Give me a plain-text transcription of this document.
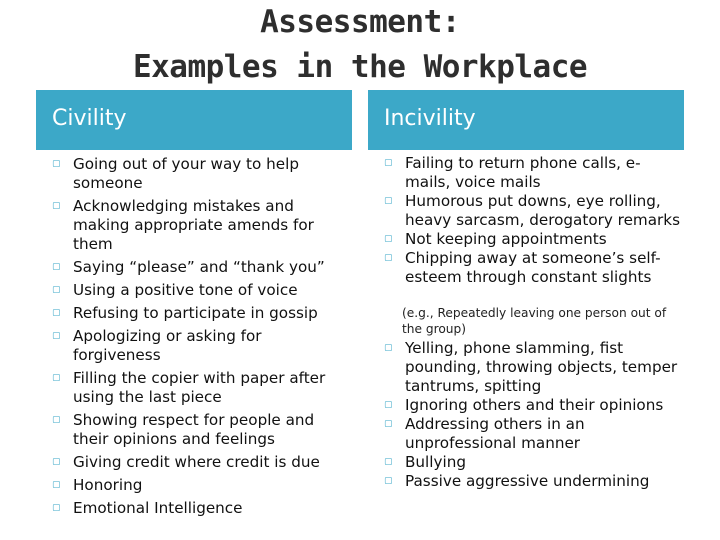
Assessment:
Examples in the Workplace
Civility	Incivility
▢ Going out of your way to help someone
▢ Acknowledging mistakes and making appropriate amends for them
▢ Saying “please” and “thank you”
▢ Using a positive tone of voice
▢ Refusing to participate in gossip
▢ Apologizing or asking for forgiveness
▢ Filling the copier with paper after using the last piece
▢ Showing respect for people and their opinions and feelings
▢ Giving credit where credit is due
▢ Honoring
▢ Emotional Intelligence
▢ Failing to return phone calls, e-mails, voice mails
▢ Humorous put downs, eye rolling, heavy sarcasm, derogatory remarks
▢ Not keeping appointments
▢ Chipping away at someone’s self-esteem through constant slights
▢ Yelling, phone slamming, fist pounding, throwing objects, temper tantrums, spitting
▢ Ignoring others and their opinions
▢ Addressing others in an unprofessional manner
▢ Bullying
▢ Passive aggressive undermining

(e.g., Repeatedly leaving one person out of the group)
